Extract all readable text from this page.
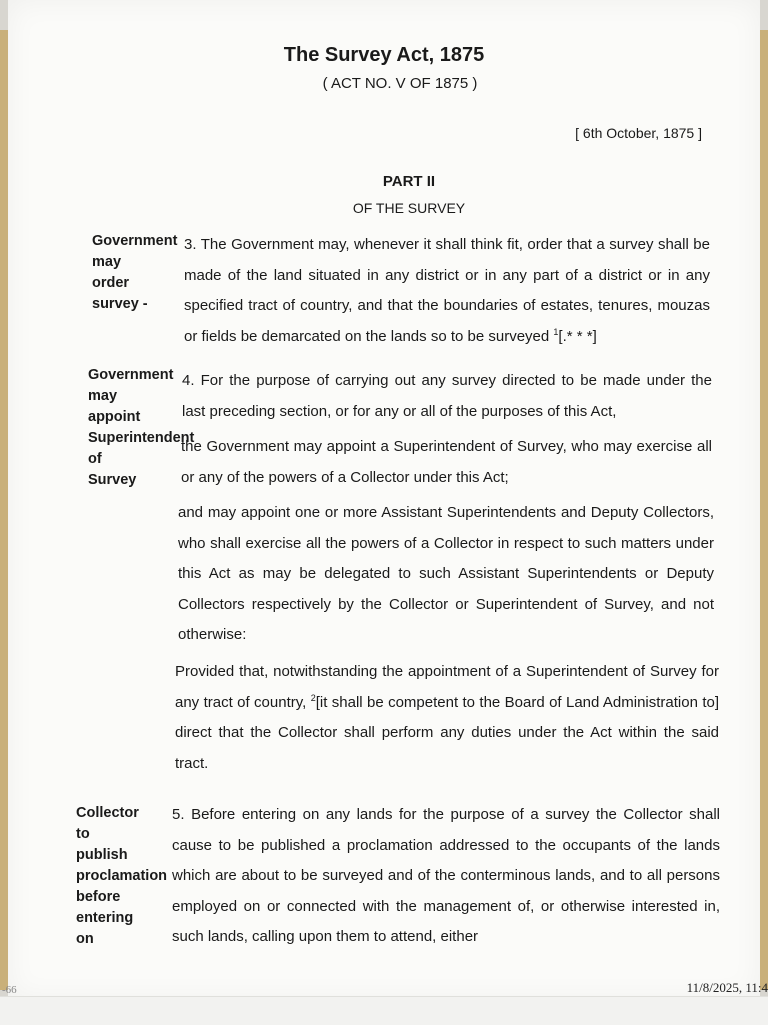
The Survey Act, 1875
( ACT NO. V OF 1875 )
[ 6th October, 1875 ]
PART II
OF THE SURVEY
Government
may
order
survey -
Government
may
appoint
Superintendent
of
Survey
Collector
to
publish
proclamation
before
entering
on
3. The Government may, whenever it shall think fit, order that a survey shall be made of the land situated in any district or in any part of a district or in any specified tract of country, and that the boundaries of estates, tenures, mouzas or fields be demarcated on the lands so to be surveyed $^1$[.* * *]
4. For the purpose of carrying out any survey directed to be made under the last preceding section, or for any or all of the purposes of this Act,
the Government may appoint a Superintendent of Survey, who may exercise all or any of the powers of a Collector under this Act;
and may appoint one or more Assistant Superintendents and Deputy Collectors, who shall exercise all the powers of a Collector in respect to such matters under this Act as may be delegated to such Assistant Superintendents or Deputy Collectors respectively by the Collector or Superintendent of Survey, and not otherwise:
Provided that, notwithstanding the appointment of a Superintendent of Survey for any tract of country, $^2$[it shall be competent to the Board of Land Administration to] direct that the Collector shall perform any duties under the Act within the said tract.
5. Before entering on any lands for the purpose of a survey the Collector shall cause to be published a proclamation addressed to the occupants of the lands which are about to be surveyed and of the conterminous lands, and to all persons employed on or connected with the management of, or otherwise interested in, such lands, calling upon them to attend, either
-66	11/8/2025, 11:4
